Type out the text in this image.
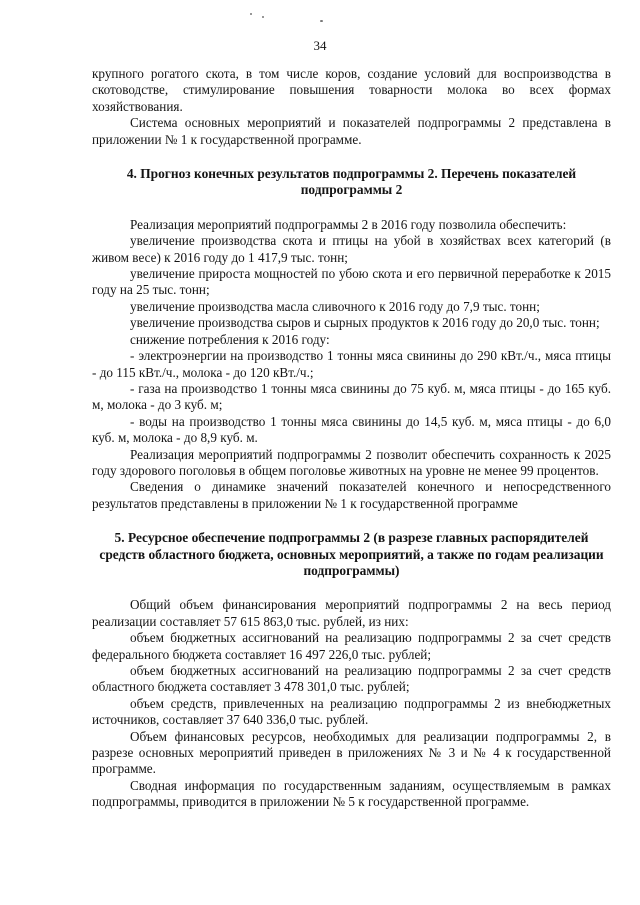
34

крупного рогатого скота, в том числе коров, создание условий для воспроизводства в скотоводстве, стимулирование повышения товарности молока во всех формах хозяйствования.

Система основных мероприятий и показателей подпрограммы 2 представлена в приложении № 1 к государственной программе.

4. Прогноз конечных результатов подпрограммы 2. Перечень показателей подпрограммы 2

Реализация мероприятий подпрограммы 2 в 2016 году позволила обеспечить:

увеличение производства скота и птицы на убой в хозяйствах всех категорий (в живом весе) к 2016 году до 1 417,9 тыс. тонн;

увеличение прироста мощностей по убою скота и его первичной переработке к 2015 году на 25 тыс. тонн;

увеличение производства масла сливочного к 2016 году до 7,9 тыс. тонн;

увеличение производства сыров и сырных продуктов к 2016 году до 20,0 тыс. тонн;

снижение потребления к 2016 году:

- электроэнергии на производство 1 тонны мяса свинины до 290 кВт./ч., мяса птицы - до 115 кВт./ч., молока - до 120 кВт./ч.;

- газа на производство 1 тонны мяса свинины до 75 куб. м, мяса птицы - до 165 куб. м, молока - до 3 куб. м;

- воды на производство 1 тонны мяса свинины до 14,5 куб. м, мяса птицы - до 6,0 куб. м, молока - до 8,9 куб. м.

Реализация мероприятий подпрограммы 2 позволит обеспечить сохранность к 2025 году здорового поголовья в общем поголовье животных на уровне не менее 99 процентов.

Сведения о динамике значений показателей конечного и непосредственного результатов представлены в приложении № 1 к государственной программе

5. Ресурсное обеспечение подпрограммы 2 (в разрезе главных распорядителей средств областного бюджета, основных мероприятий, а также по годам реализации подпрограммы)

Общий объем финансирования мероприятий подпрограммы 2 на весь период реализации составляет 57 615 863,0 тыс. рублей, из них:

объем бюджетных ассигнований на реализацию подпрограммы 2 за счет средств федерального бюджета составляет 16 497 226,0 тыс. рублей;

объем бюджетных ассигнований на реализацию подпрограммы 2 за счет средств областного бюджета составляет 3 478 301,0 тыс. рублей;

объем средств, привлеченных на реализацию подпрограммы 2 из внебюджетных источников, составляет 37 640 336,0 тыс. рублей.

Объем финансовых ресурсов, необходимых для реализации подпрограммы 2, в разрезе основных мероприятий приведен в приложениях № 3 и № 4 к государственной программе.

Сводная информация по государственным заданиям, осуществляемым в рамках подпрограммы, приводится в приложении № 5 к государственной программе.
